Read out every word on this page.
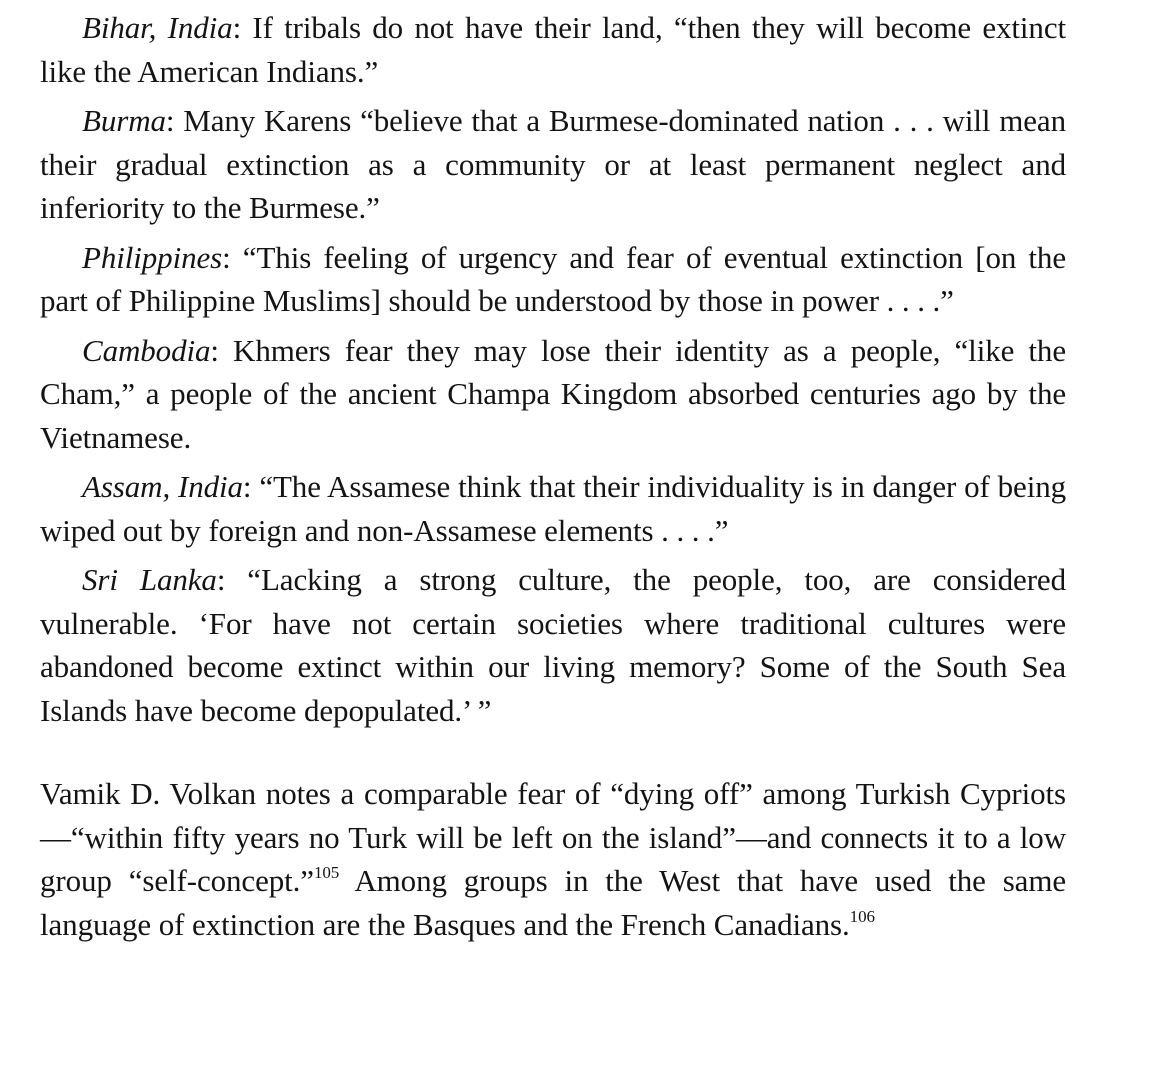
Bihar, India: If tribals do not have their land, “then they will become extinct like the American Indians.”

Burma: Many Karens “believe that a Burmese-dominated nation . . . will mean their gradual extinction as a community or at least permanent neglect and inferiority to the Burmese.”

Philippines: “This feeling of urgency and fear of eventual extinction [on the part of Philippine Muslims] should be understood by those in power . . . .”

Cambodia: Khmers fear they may lose their identity as a people, “like the Cham,” a people of the ancient Champa Kingdom absorbed centuries ago by the Vietnamese.

Assam, India: “The Assamese think that their individuality is in danger of being wiped out by foreign and non-Assamese elements . . . .”

Sri Lanka: “Lacking a strong culture, the people, too, are considered vulnerable. ‘For have not certain societies where traditional cultures were abandoned become extinct within our living memory? Some of the South Sea Islands have become depopulated.’ ”

Vamik D. Volkan notes a comparable fear of “dying off” among Turkish Cypriots—“within fifty years no Turk will be left on the island”—and connects it to a low group “self-concept.”$^{105}$ Among groups in the West that have used the same language of extinction are the Basques and the French Canadians.$^{106}$
